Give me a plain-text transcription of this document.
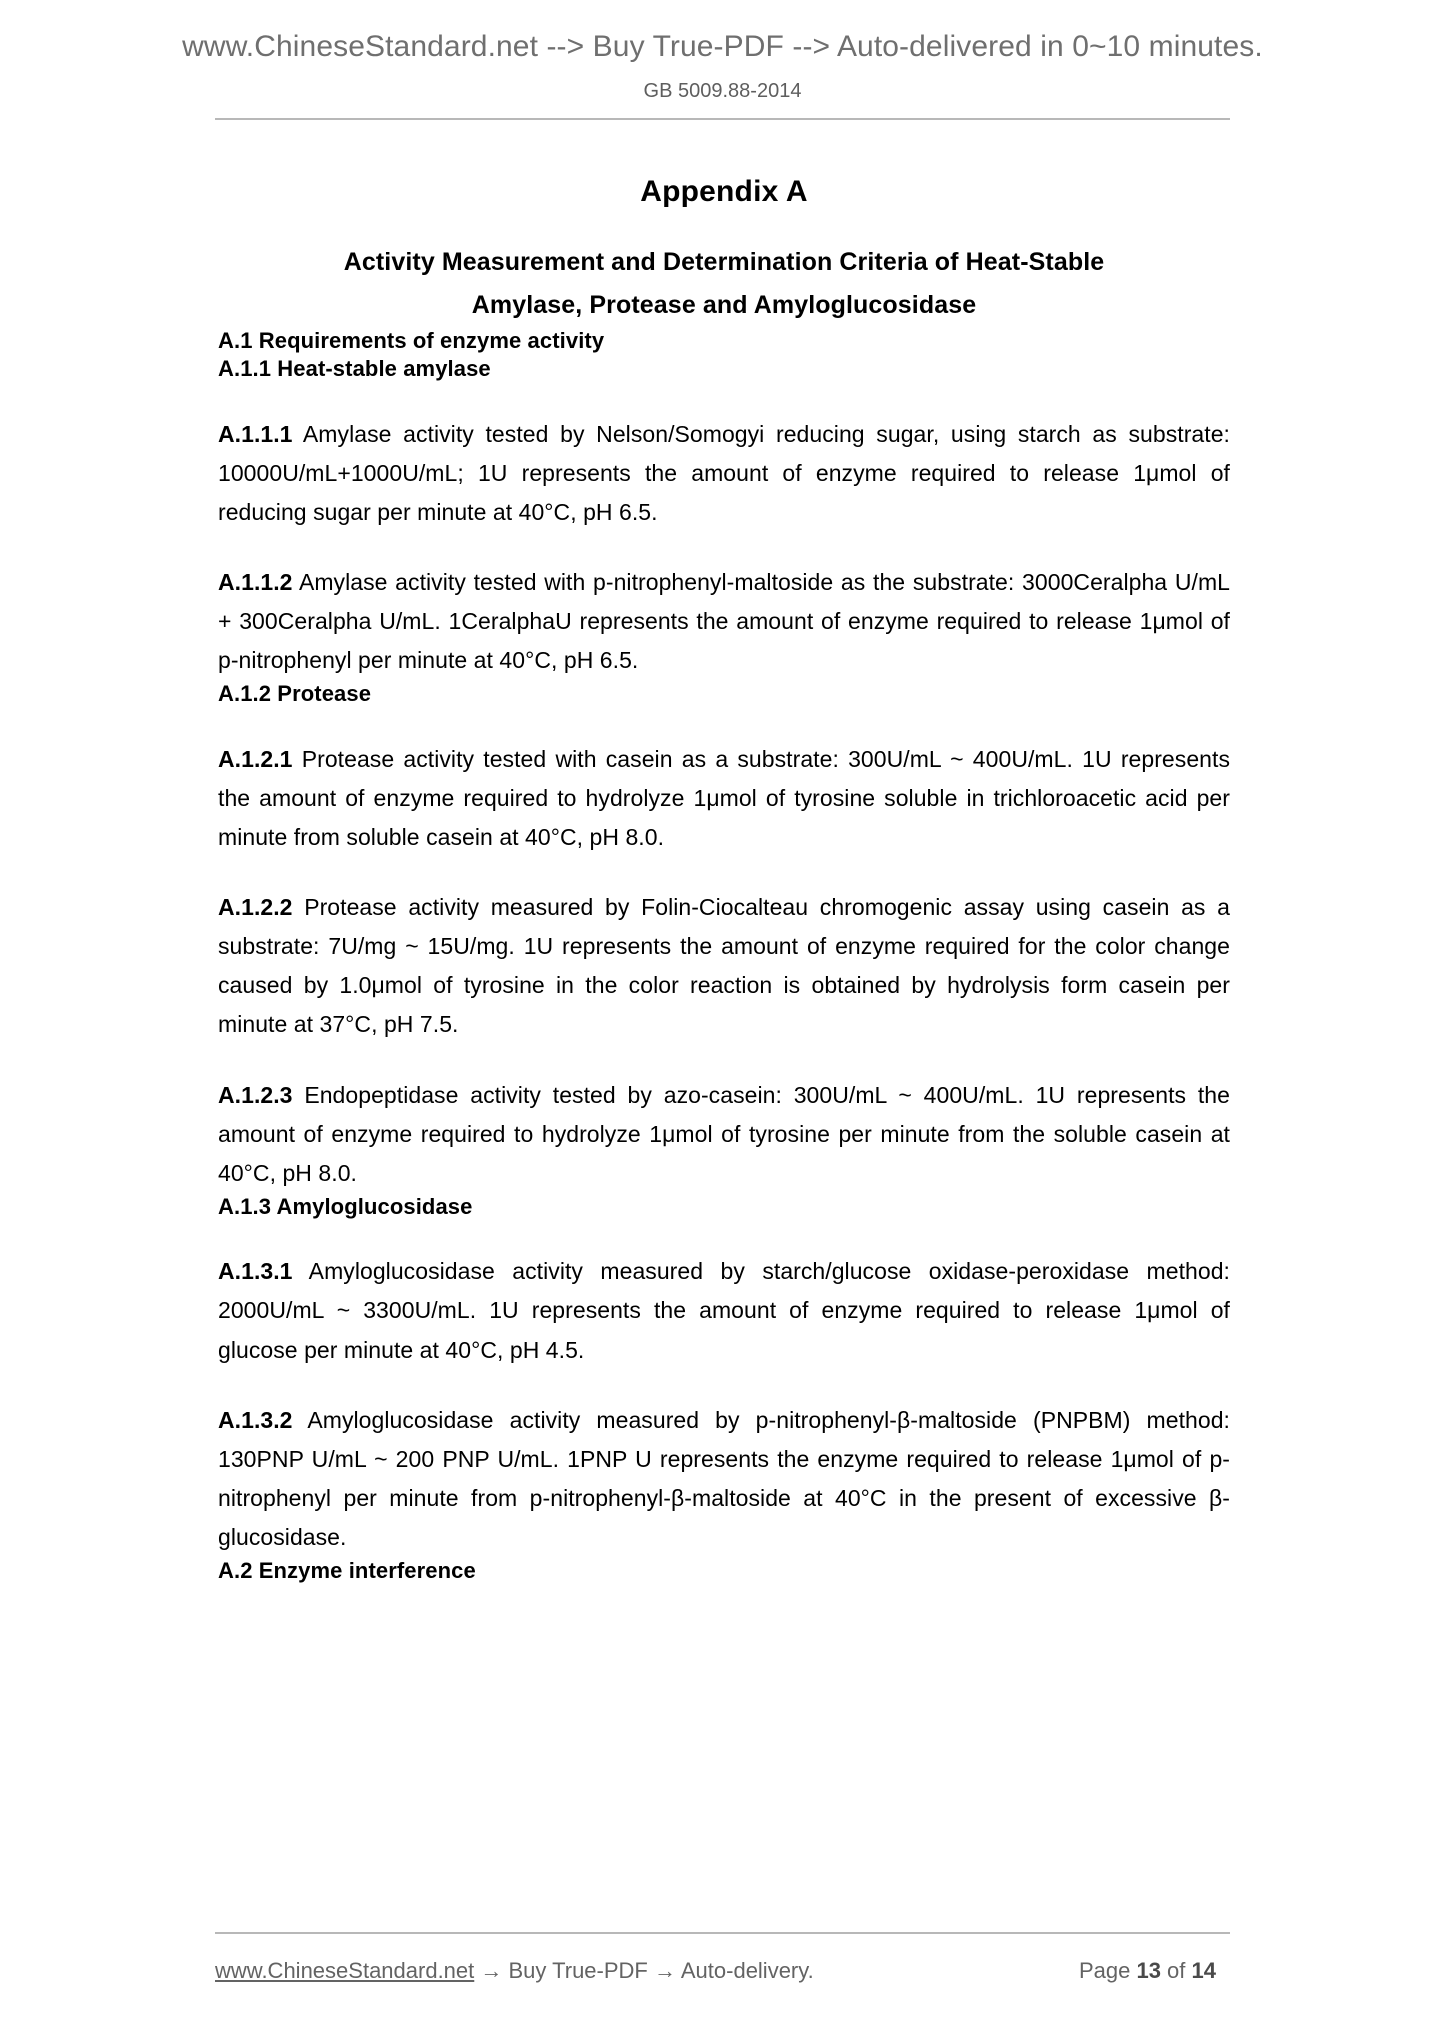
www.ChineseStandard.net --> Buy True-PDF --> Auto-delivered in 0~10 minutes.
GB 5009.88-2014
Appendix A
Activity Measurement and Determination Criteria of Heat-Stable
Amylase, Protease and Amyloglucosidase
A.1 Requirements of enzyme activity
A.1.1 Heat-stable amylase

A.1.1.1 Amylase activity tested by Nelson/Somogyi reducing sugar, using starch as substrate: 10000U/mL+1000U/mL; 1U represents the amount of enzyme required to release 1μmol of reducing sugar per minute at 40°C, pH 6.5.

A.1.1.2 Amylase activity tested with p-nitrophenyl-maltoside as the substrate: 3000Ceralpha U/mL + 300Ceralpha U/mL. 1CeralphaU represents the amount of enzyme required to release 1μmol of p-nitrophenyl per minute at 40°C, pH 6.5.

A.1.2 Protease

A.1.2.1 Protease activity tested with casein as a substrate: 300U/mL ~ 400U/mL. 1U represents the amount of enzyme required to hydrolyze 1μmol of tyrosine soluble in trichloroacetic acid per minute from soluble casein at 40°C, pH 8.0.

A.1.2.2 Protease activity measured by Folin-Ciocalteau chromogenic assay using casein as a substrate: 7U/mg ~ 15U/mg. 1U represents the amount of enzyme required for the color change caused by 1.0μmol of tyrosine in the color reaction is obtained by hydrolysis form casein per minute at 37°C, pH 7.5.

A.1.2.3 Endopeptidase activity tested by azo-casein: 300U/mL ~ 400U/mL. 1U represents the amount of enzyme required to hydrolyze 1μmol of tyrosine per minute from the soluble casein at 40°C, pH 8.0.

A.1.3 Amyloglucosidase

A.1.3.1 Amyloglucosidase activity measured by starch/glucose oxidase-peroxidase method: 2000U/mL ~ 3300U/mL. 1U represents the amount of enzyme required to release 1μmol of glucose per minute at 40°C, pH 4.5.

A.1.3.2 Amyloglucosidase activity measured by p-nitrophenyl-β-maltoside (PNPBM) method: 130PNP U/mL ~ 200 PNP U/mL. 1PNP U represents the enzyme required to release 1μmol of p-nitrophenyl per minute from p-nitrophenyl-β-maltoside at 40°C in the present of excessive β-glucosidase.

A.2 Enzyme interference
www.ChineseStandard.net → Buy True-PDF → Auto-delivery.	Page 13 of 14
